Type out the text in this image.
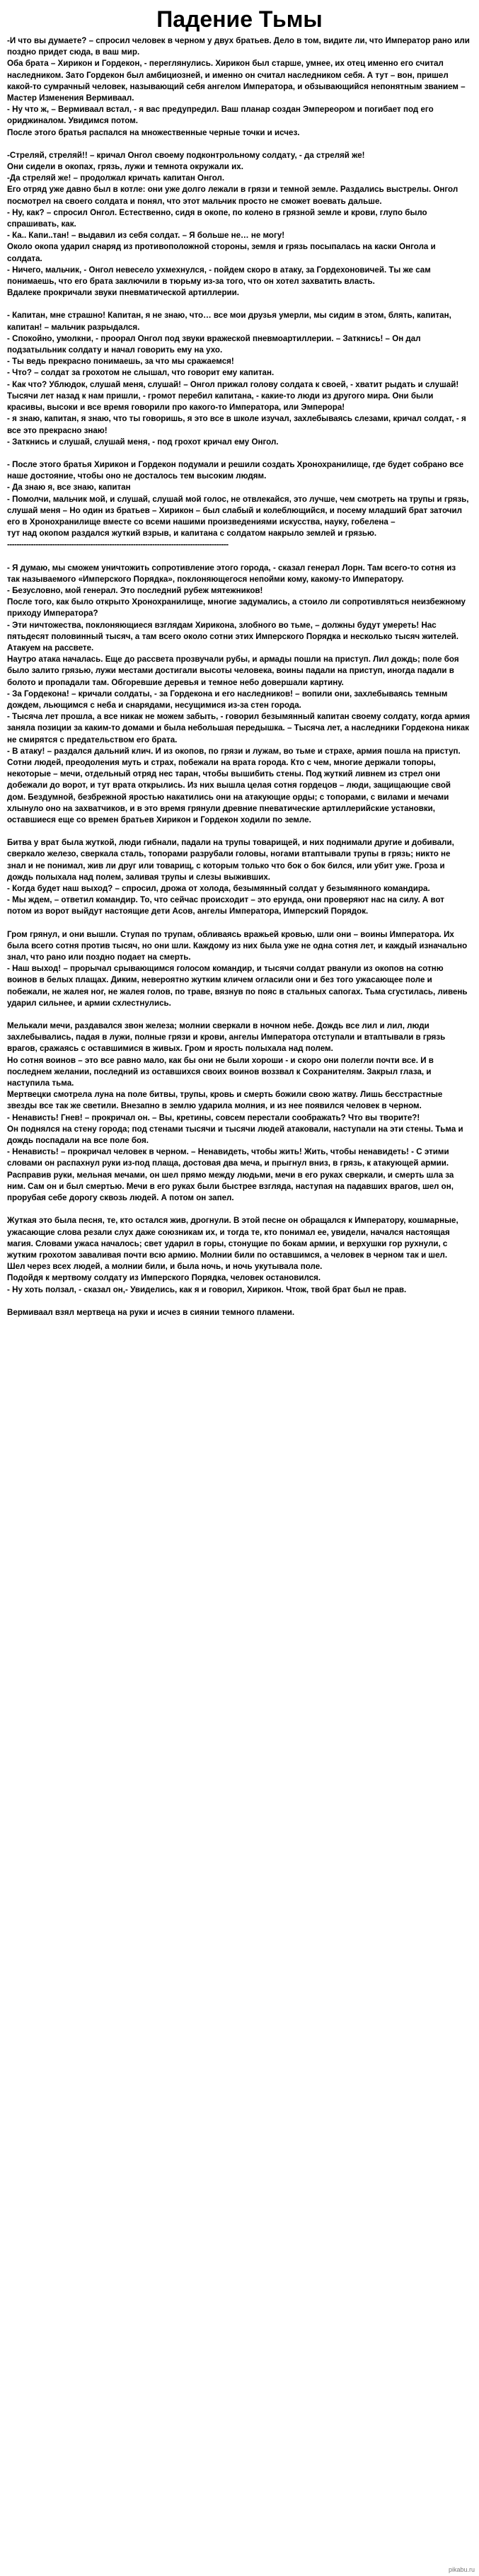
Падение Тьмы

-И что вы думаете? – спросил человек в черном у двух братьев. Дело в том, видите ли, что Император рано или поздно придет сюда, в ваш мир.

Оба брата – Хирикон и Гордекон, - переглянулись. Хирикон был старше, умнее, их отец именно его считал наследником. Зато Гордекон был амбициозней, и именно он считал наследником себя. А тут – вон, пришел какой-то сумрачный человек, называющий себя ангелом Императора, и обзывающийся непонятным званием – Мастер Изменения Вермиваал.

- Ну что ж, – Вермиваал встал, - я вас предупредил. Ваш планар создан Эмпереором и погибает под его ориджиналом. Увидимся потом.

После этого братья распался на множественные черные точки и исчез.

-Стреляй, стреляй!! – кричал Онгол своему подконтрольному солдату, - да стреляй же!

Они сидели в окопах, грязь, лужи и темнота окружали их.

-Да стреляй же! – продолжал кричать капитан Онгол.

Его отряд уже давно был в котле: они уже долго лежали в грязи и темной земле. Раздались выстрелы. Онгол посмотрел на своего солдата и понял, что этот мальчик просто не сможет воевать дальше.

- Ну, как? – спросил Онгол. Естественно, сидя в окопе, по колено в грязной земле и крови, глупо было спрашивать, как.

- Ка.. Капи..тан! – выдавил из себя солдат. – Я больше не… не могу!

Около окопа ударил снаряд из противоположной стороны, земля и грязь посыпалась на каски Онгола и солдата.

- Ничего, мальчик, - Онгол невесело ухмехнулся, - пойдем скоро в атаку, за Гордехоновичей. Ты же сам понимаешь, что его брата заключили в тюрьму из-за того, что он хотел захватить власть.

Вдалеке прокричали звуки пневматической артиллерии.

- Капитан, мне страшно! Капитан, я не знаю, что… все мои друзья умерли, мы сидим в этом, блять, капитан, капитан! – мальчик разрыдался.

- Спокойно, умолкни, - проорал Онгол под звуки вражеской пневмоартиллерии. – Заткнись! – Он дал подзатыльник солдату и начал говорить ему на ухо.

- Ты ведь прекрасно понимаешь, за что мы сражаемся!

- Что? – солдат за грохотом не слышал, что говорит ему капитан.

- Как что? Ублюдок, слушай меня, слушай! – Онгол прижал голову солдата к своей, - хватит рыдать и слушай!

Тысячи лет назад к нам пришли, - громот перебил капитана, - какие-то люди из другого мира. Они были красивы, высоки и все время говорили про какого-то Императора, или Эмперора!

- я знаю, капитан, я знаю, что ты говоришь, я это все в школе изучал, захлебываясь слезами, кричал солдат, - я все это прекрасно знаю!

- Заткнись и слушай, слушай меня, - под грохот кричал ему Онгол.

- После этого братья Хирикон и Гордекон подумали и решили создать Хронохранилище, где будет собрано все наше достояние, чтобы оно не досталось тем высоким людям.

- Да знаю я, все знаю, капитан

- Помолчи, мальчик мой, и слушай, слушай мой голос, не отвлекайся, это лучше, чем смотреть на трупы и грязь, слушай меня – Но один из братьев – Хирикон – был слабый и колеблющийся, и посему младший брат заточил его в Хронохранилище вместе со всеми нашими произведениями искусства, науку, гобелена –

тут над окопом раздался жуткий взрыв, и капитана с солдатом накрыло землей и грязью.

---------------------------------------------------------------------------------------------

- Я думаю, мы сможем уничтожить сопротивление этого города, - сказал генерал Лорн. Там всего-то сотня из так называемого «Имперского Порядка», поклоняющегося непойми кому, какому-то Императору.

- Безусловно, мой генерал. Это последний рубеж мятежников!

После того, как было открыто Хронохранилище, многие задумались, а стоило ли сопротивляться неизбежному приходу Императора?

- Эти ничтожества, поклоняющиеся взглядам Хирикона, злобного во тьме, – должны будут умереть! Нас пятьдесят половинный тысяч, а там всего около сотни этих Имперского Порядка и несколько тысяч жителей. Атакуем на рассвете.

Наутро атака началась. Еще до рассвета прозвучали рубы, и армады пошли на приступ. Лил дождь; поле боя было залито грязью, лужи местами достигали высоты человека, воины падали на приступ, иногда падали в болото и пропадали там. Обгоревшие деревья и темное небо довершали картину.

- За Гордекона! – кричали солдаты, - за Гордекона и его наследников! – вопили они, захлебываясь темным дождем, льющимся с неба и снарядами, несущимися из-за стен города.

- Тысяча лет прошла, а все никак не можем забыть, - говорил безымянный капитан своему солдату, когда армия заняла позиции за каким-то домами и была небольшая передышка. – Тысяча лет, а наследники Гордекона никак не смирятся с предательством его брата.

- В атаку! – раздался дальний клич. И из окопов, по грязи и лужам, во тьме и страхе, армия пошла на приступ. Сотни людей, преодоления муть и страх, побежали на врата города. Кто с чем, многие держали топоры, некоторые – мечи, отдельный отряд нес таран, чтобы вышибить стены. Под жуткий ливнем из стрел они добежали до ворот, и тут врата открылись. Из них вышла целая сотня гордецов – люди, защищающие свой дом. Бездумной, безбрежной яростью накатились они на атакующие орды; с топорами, с вилами и мечами хлынуло оно на захватчиков, и в это время грянули древние пневатические артиллерийские установки, оставшиеся еще со времен братьев Хирикон и Гордекон ходили по земле.

Битва у врат была жуткой, люди гибнали, падали на трупы товарищей, и них поднимали другие и добивали, сверкало железо, сверкала сталь, топорами разрубали головы, ногами втаптывали трупы в грязь; никто не знал и не понимал, жив ли друг или товарищ, с которым только что бок о бок бился, или убит уже. Гроза и дождь полыхала над полем, заливая трупы и слезы выживших.

- Когда будет наш выход? – спросил, дрожа от холода, безымянный солдат у безымянного командира.

- Мы ждем, – ответил командир. То, что сейчас происходит – это ерунда, они проверяют нас на силу. А вот потом из ворот выйдут настоящие дети Асов, ангелы Императора, Имперский Порядок.

Гром грянул, и они вышли. Ступая по трупам, обливаясь вражьей кровью, шли они – воины Императора. Их была всего сотня против тысяч, но они шли. Каждому из них была уже не одна сотня лет, и каждый изначально знал, что рано или поздно подает на смерть.

- Наш выход! – прорычал срывающимся голосом командир, и тысячи солдат рванули из окопов на сотню воинов в белых плащах. Диким, невероятно жутким кличем огласили они и без того ужасающее поле и побежали, не жалея ног, не жалея голов, по траве, вязнув по пояс в стальных сапогах. Тьма сгустилась, ливень ударил сильнее, и армии схлестнулись.

Мелькали мечи, раздавался звон железа; молнии сверкали в ночном небе. Дождь все лил и лил, люди захлебывались, падая в лужи, полные грязи и крови, ангелы Императора отступали и втаптывали в грязь врагов, сражаясь с оставшимися в живых. Гром и ярость полыхала над полем.

Но сотня воинов – это все равно мало, как бы они не были хороши - и скоро они полегли почти все. И в последнем желании, последний из оставшихся своих воинов воззвал к Сохранителям. Закрыл глаза, и наступила тьма.

Мертвецки смотрела луна на поле битвы, трупы, кровь и смерть божили свою жатву. Лишь бесстрастные звезды все так же светили. Внезапно в землю ударила молния, и из нее появился человек в черном.

- Ненависть! Гнев! – прокричал он. – Вы, кретины, совсем перестали соображать? Что вы творите?!

Он поднялся на стену города; под стенами тысячи и тысячи людей атаковали, наступали на эти стены. Тьма и дождь поспадали на все поле боя.

- Ненависть! – прокричал человек в черном. – Ненавидеть, чтобы жить! Жить, чтобы ненавидеть! - С этими словами он распахнул руки из-под плаща, достовая два меча, и прыгнул вниз, в грязь, к атакующей армии. Расправив руки, мельная мечами, он шел прямо между людьми, мечи в его руках сверкали, и смерть шла за ним. Сам он и был смертью. Мечи в его руках были быстрее взгляда, наступая на падавших врагов, шел он, прорубая себе дорогу сквозь людей. А потом он запел.

Жуткая это была песня, те, кто остался жив, дрогнули. В этой песне он обращался к Императору, кошмарные, ужасающие слова резали слух даже союзникам их, и тогда те, кто понимал ее, увидели, начался настоящая магия. Словами ужаса началось; свет ударил в горы, стонущие по бокам армии, и верхушки гор рухнули, с жутким грохотом заваливая почти всю армию. Молнии били по оставшимся, а человек в черном так и шел.

Шел через всех людей, а молнии били, и была ночь, и ночь укутывала поле.

Подойдя к мертвому солдату из Имперского Порядка, человек остановился.

- Ну хоть ползал, - сказал он,- Увиделись, как я и говорил, Хирикон. Чтож, твой брат был не прав.

Вермиваал взял мертвеца на руки и исчез в сиянии темного пламени.

pikabu.ru
